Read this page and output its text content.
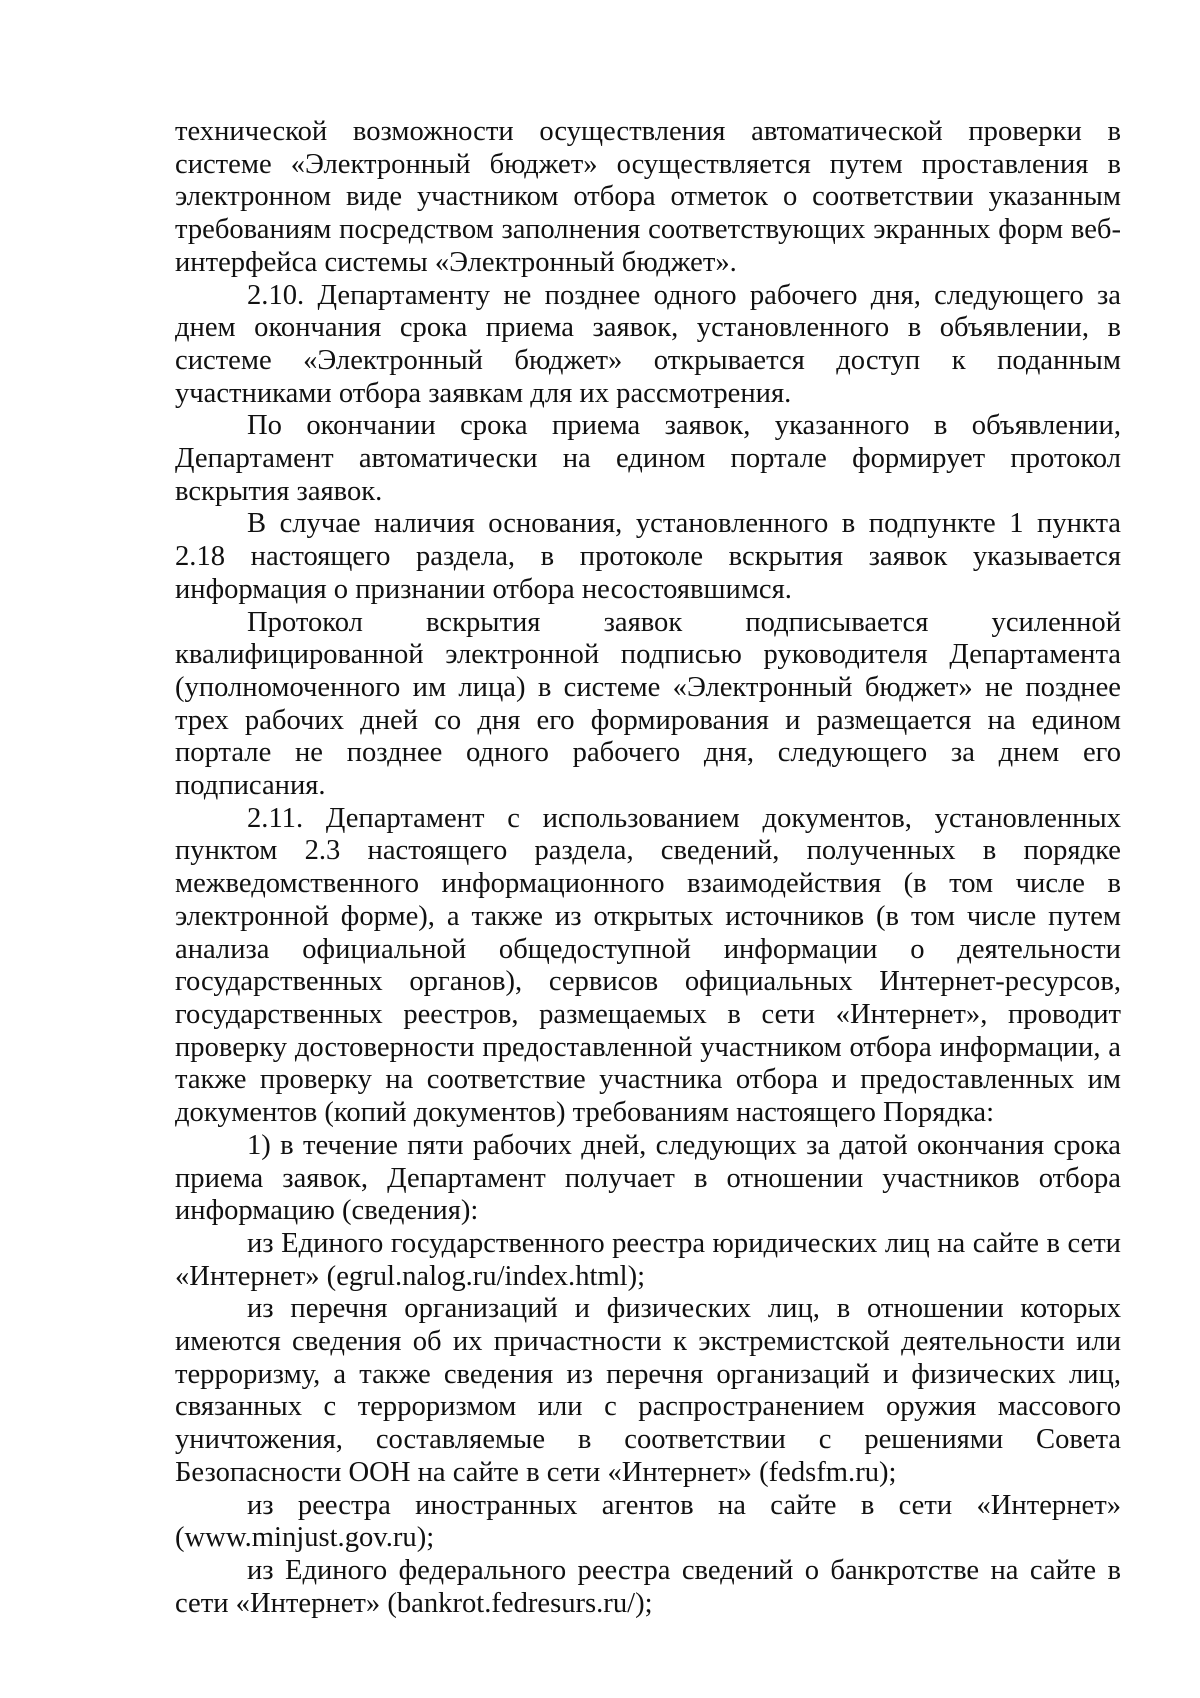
технической возможности осуществления автоматической проверки в системе «Электронный бюджет» осуществляется путем проставления в электронном виде участником отбора отметок о соответствии указанным требованиям посредством заполнения соответствующих экранных форм веб-интерфейса системы «Электронный бюджет».

2.10. Департаменту не позднее одного рабочего дня, следующего за днем окончания срока приема заявок, установленного в объявлении, в системе «Электронный бюджет» открывается доступ к поданным участниками отбора заявкам для их рассмотрения.

По окончании срока приема заявок, указанного в объявлении, Департамент автоматически на едином портале формирует протокол вскрытия заявок.

В случае наличия основания, установленного в подпункте 1 пункта 2.18 настоящего раздела, в протоколе вскрытия заявок указывается информация о признании отбора несостоявшимся.

Протокол вскрытия заявок подписывается усиленной квалифицированной электронной подписью руководителя Департамента (уполномоченного им лица) в системе «Электронный бюджет» не позднее трех рабочих дней со дня его формирования и размещается на едином портале не позднее одного рабочего дня, следующего за днем его подписания.

2.11. Департамент с использованием документов, установленных пунктом 2.3 настоящего раздела, сведений, полученных в порядке межведомственного информационного взаимодействия (в том числе в электронной форме), а также из открытых источников (в том числе путем анализа официальной общедоступной информации о деятельности государственных органов), сервисов официальных Интернет-ресурсов, государственных реестров, размещаемых в сети «Интернет», проводит проверку достоверности предоставленной участником отбора информации, а также проверку на соответствие участника отбора и предоставленных им документов (копий документов) требованиям настоящего Порядка:

1) в течение пяти рабочих дней, следующих за датой окончания срока приема заявок, Департамент получает в отношении участников отбора информацию (сведения):

из Единого государственного реестра юридических лиц на сайте в сети «Интернет» (egrul.nalog.ru/index.html);

из перечня организаций и физических лиц, в отношении которых имеются сведения об их причастности к экстремистской деятельности или терроризму, а также сведения из перечня организаций и физических лиц, связанных с терроризмом или с распространением оружия массового уничтожения, составляемые в соответствии с решениями Совета Безопасности ООН на сайте в сети «Интернет» (fedsfm.ru);

из реестра иностранных агентов на сайте в сети «Интернет» (www.minjust.gov.ru);

из Единого федерального реестра сведений о банкротстве на сайте в сети «Интернет» (bankrot.fedresurs.ru/);
